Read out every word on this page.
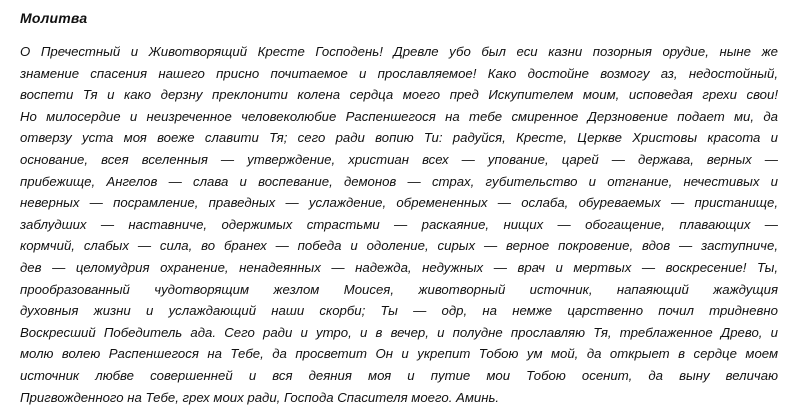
Молитва
О Пречестный и Животворящий Кресте Господень! Древле убо был еси казни позорныя орудие, ныне же
знамение спасения нашего присно почитаемое и прославляемое! Како достойне возмогу аз, недостойный,
воспети Тя и како дерзну преклонити колена сердца моего пред Искупителем моим, исповедая грехи свои!
Но милосердие и неизреченное человеколюбие Распеншегося на тебе смиренное Дерзновение подает ми, да
отверзу уста моя воеже славити Тя; сего ради вопию Ти: радуйся, Кресте, Церкве Христовы красота и
основание, всея вселенныя — утверждение, христиан всех — упование, царей — держава, верных —
прибежище, Ангелов — слава и воспевание, демонов — страх, губительство и отгнание, нечестивых и
неверных — посрамление, праведных — услаждение, обремененных — ослаба, обуреваемых — пристанище,
заблудших — наставниче, одержимых страстьми — раскаяние, нищих — обогащение, плавающих —
кормчий, слабых — сила, во бранех — победа и одоление, сирых — верное покровение, вдов — заступниче,
дев — целомудрия охранение, ненадеянных — надежда, недужных — врач и мертвых — воскресение! Ты,
прообразованный чудотворящим жезлом Моисея, животворный источник, напаяющий жаждущия
духовныя жизни и услаждающий наши скорби; Ты — одр, на немже царственно почил тридневно
Воскресший Победитель ада. Сего ради и утро, и в вечер, и полудне прославляю Тя, треблаженное Древо, и
молю волею Распеншегося на Тебе, да просветит Он и укрепит Тобою ум мой, да открыет в сердце моем
источник любве совершенней и вся деяния моя и путие мои Тобою осенит, да выну величаю
Пригвожденного на Тебе, грех моих ради, Господа Спасителя моего. Аминь.
